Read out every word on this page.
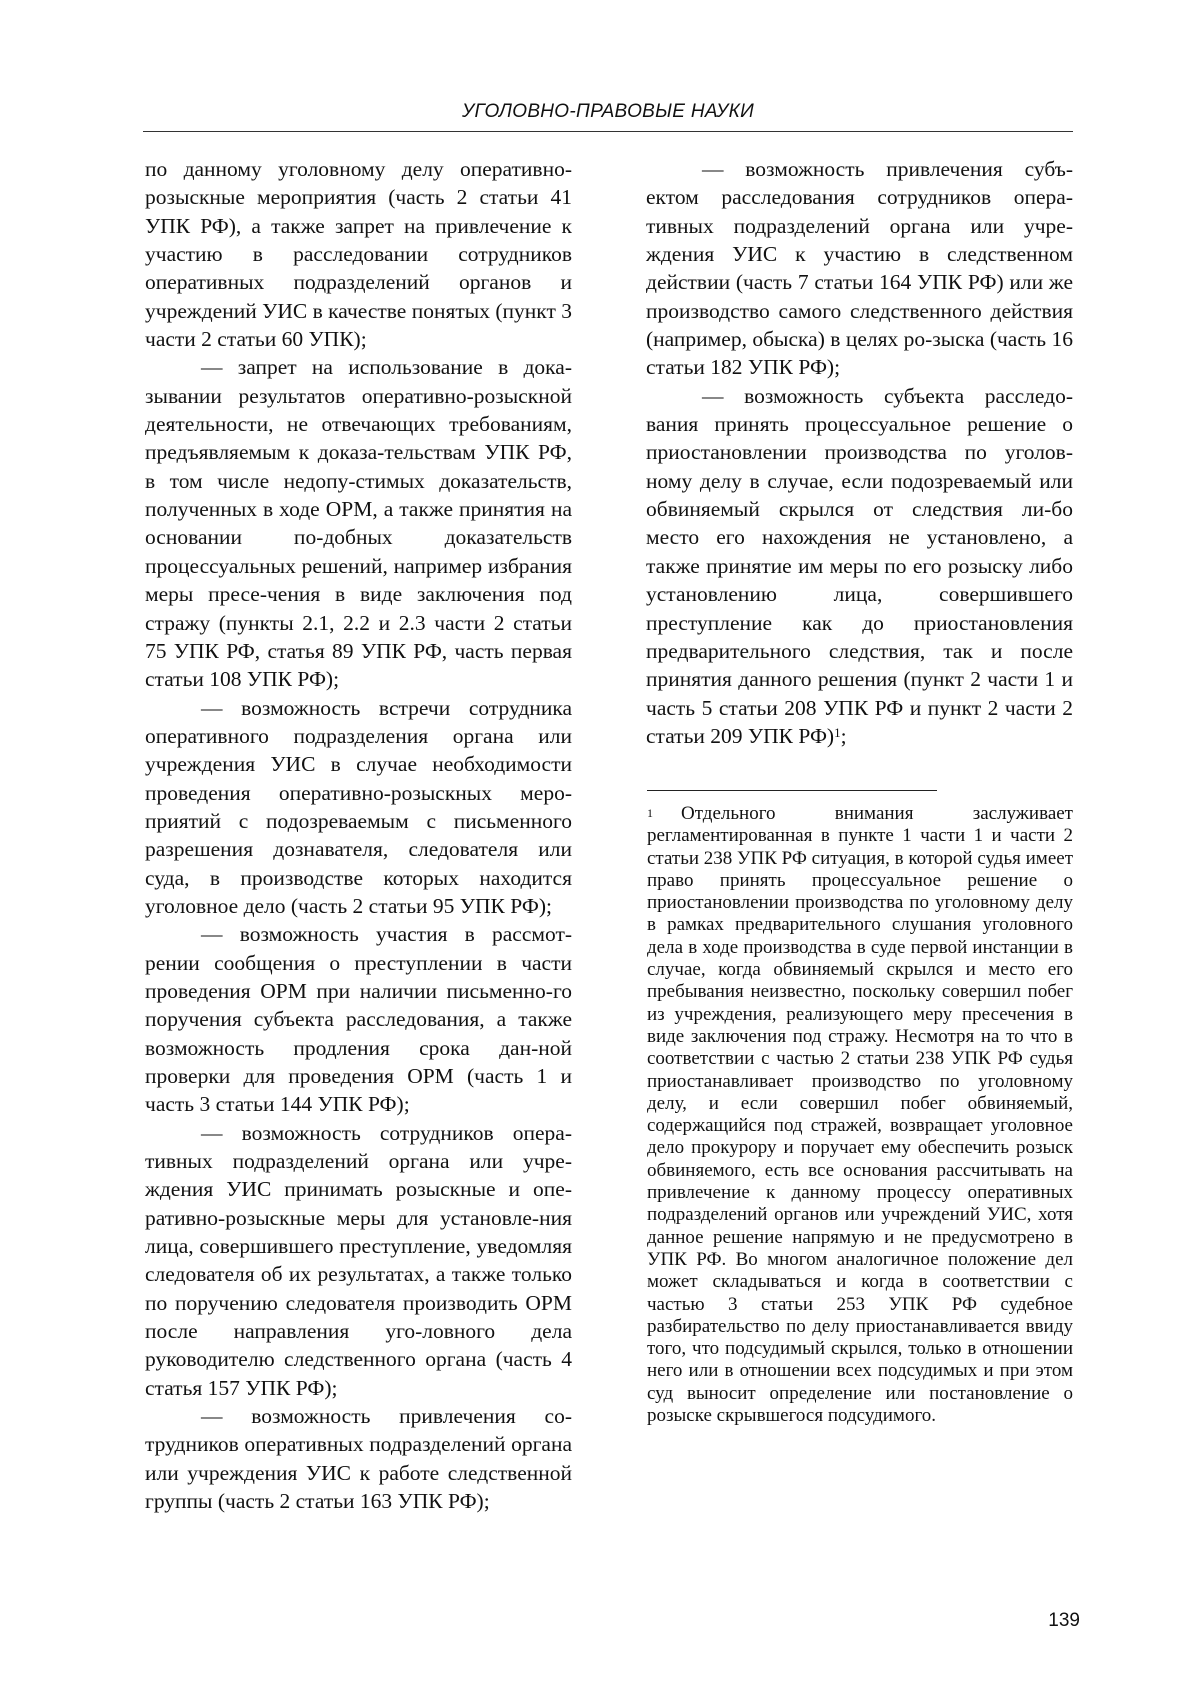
УГОЛОВНО-ПРАВОВЫЕ НАУКИ

по данному уголовному делу оперативно-розыскные мероприятия (часть 2 статьи 41 УПК РФ), а также запрет на привлечение к участию в расследовании сотрудников оперативных подразделений органов и учреждений УИС в качестве понятых (пункт 3 части 2 статьи 60 УПК);

— запрет на использование в дока-зывании результатов оперативно-розыскной деятельности, не отвечающих требованиям, предъявляемым к доказа-тельствам УПК РФ, в том числе недопу-стимых доказательств, полученных в ходе ОРМ, а также принятия на основании по-добных доказательств процессуальных решений, например избрания меры пресе-чения в виде заключения под стражу (пункты 2.1, 2.2 и 2.3 части 2 статьи 75 УПК РФ, статья 89 УПК РФ, часть первая статьи 108 УПК РФ);

— возможность встречи сотрудника оперативного подразделения органа или учреждения УИС в случае необходимости проведения оперативно-розыскных меро-приятий с подозреваемым с письменного разрешения дознавателя, следователя или суда, в производстве которых находится уголовное дело (часть 2 статьи 95 УПК РФ);

— возможность участия в рассмот-рении сообщения о преступлении в части проведения ОРМ при наличии письменно-го поручения субъекта расследования, а также возможность продления срока дан-ной проверки для проведения ОРМ (часть 1 и часть 3 статьи 144 УПК РФ);

— возможность сотрудников опера-тивных подразделений органа или учре-ждения УИС принимать розыскные и опе-ративно-розыскные меры для установле-ния лица, совершившего преступление, уведомляя следователя об их результатах, а также только по поручению следователя производить ОРМ после направления уго-ловного дела руководителю следственного органа (часть 4 статья 157 УПК РФ);

— возможность привлечения со-трудников оперативных подразделений органа или учреждения УИС к работе следственной группы (часть 2 статьи 163 УПК РФ);

— возможность привлечения субъ-ектом расследования сотрудников опера-тивных подразделений органа или учре-ждения УИС к участию в следственном действии (часть 7 статьи 164 УПК РФ) или же производство самого следственного действия (например, обыска) в целях ро-зыска (часть 16 статьи 182 УПК РФ);

— возможность субъекта расследо-вания принять процессуальное решение о приостановлении производства по уголов-ному делу в случае, если подозреваемый или обвиняемый скрылся от следствия ли-бо место его нахождения не установлено, а также принятие им меры по его розыску либо установлению лица, совершившего преступление как до приостановления предварительного следствия, так и после принятия данного решения (пункт 2 части 1 и часть 5 статьи 208 УПК РФ и пункт 2 части 2 статьи 209 УПК РФ)$^1$;

$^1$ Отдельного внимания заслуживает регламентированная в пункте 1 части 1 и части 2 статьи 238 УПК РФ ситуация, в которой судья имеет право принять процессуальное решение о приостановлении производства по уголовному делу в рамках предварительного слушания уголовного дела в ходе производства в суде первой инстанции в случае, когда обвиняемый скрылся и место его пребывания неизвестно, поскольку совершил побег из учреждения, реализующего меру пресечения в виде заключения под стражу. Несмотря на то что в соответствии с частью 2 статьи 238 УПК РФ судья приостанавливает производство по уголовному делу, и если совершил побег обвиняемый, содержащийся под стражей, возвращает уголовное дело прокурору и поручает ему обеспечить розыск обвиняемого, есть все основания рассчитывать на привлечение к данному процессу оперативных подразделений органов или учреждений УИС, хотя данное решение напрямую и не предусмотрено в УПК РФ. Во многом аналогичное положение дел может складываться и когда в соответствии с частью 3 статьи 253 УПК РФ судебное разбирательство по делу приостанавливается ввиду того, что подсудимый скрылся, только в отношении него или в отношении всех подсудимых и при этом суд выносит определение или постановление о розыске скрывшегося подсудимого.
139
